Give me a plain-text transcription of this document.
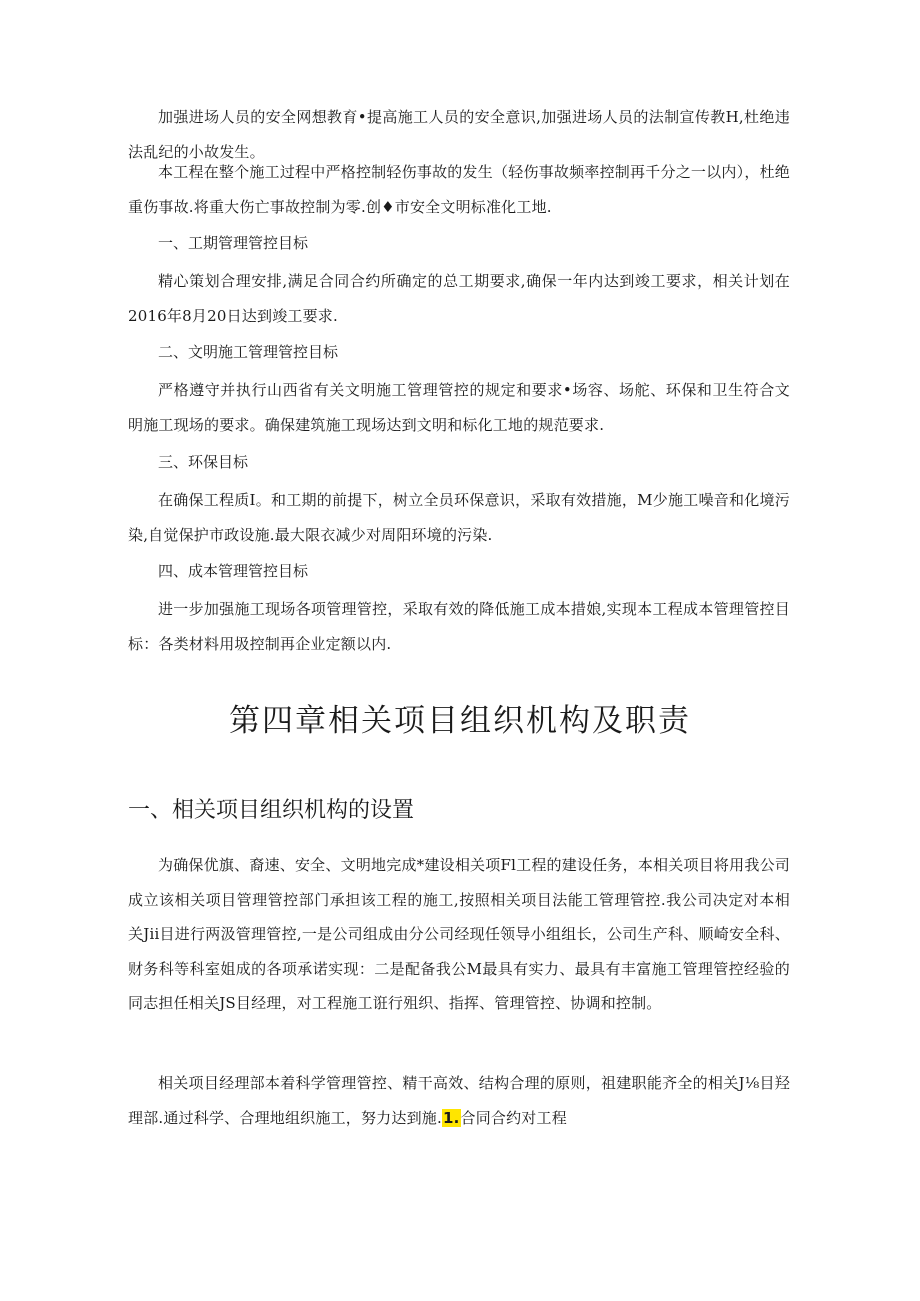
加强进场人员的安全网想教育•提高施工人员的安全意识,加强进场人员的法制宣传教H,杜绝违法乱纪的小故发生。
本工程在整个施工过程中严格控制轻伤事故的发生（轻伤事故频率控制再千分之一以内），杜绝重伤事故.将重大伤亡事故控制为零.创♦市安全文明标准化工地.
一、工期管理管控目标
精心策划合理安排,满足合同合约所确定的总工期要求,确保一年内达到竣工要求，相关计划在2016年8月20日达到竣工要求.
二、文明施工管理管控目标
严格遵守并执行山西省有关文明施工管理管控的规定和要求•场容、场舵、环保和卫生符合文明施工现场的要求。确保建筑施工现场达到文明和标化工地的规范要求.
三、环保目标
在确保工程质I。和工期的前提下，树立全员环保意识，采取有效措施，M少施工噪音和化境污染,自觉保护市政设施.最大限衣减少对周阳环境的污染.
四、成本管理管控目标
进一步加强施工现场各项管理管控，采取有效的降低施工成本措娘,实现本工程成本管理管控目标：各类材料用圾控制再企业定额以内.
第四章相关项目组织机构及职责
一、相关项目组织机构的设置
为确保优旗、裔速、安全、文明地完成*建设相关项Fl工程的建设任务，本相关项目将用我公司成立该相关项目管理管控部门承担该工程的施工,按照相关项目法能工管理管控.我公司决定对本相关Jii目进行两汲管理管控,一是公司组成由分公司经现任领导小组组长，公司生产科、顺崎安全科、财务科等科室姐成的各项承诺实现：二是配备我公M最具有实力、最具有丰富施工管理管控经验的同志担任相关JS目经理，对工程施工诳行殂织、指挥、管理管控、协调和控制。
相关项目经理部本着科学管理管控、精干高效、结构合理的原则，祖建职能齐全的相关J⅛目羟理部.通过科学、合理地组织施工，努力达到施.1.合同合约对工程
